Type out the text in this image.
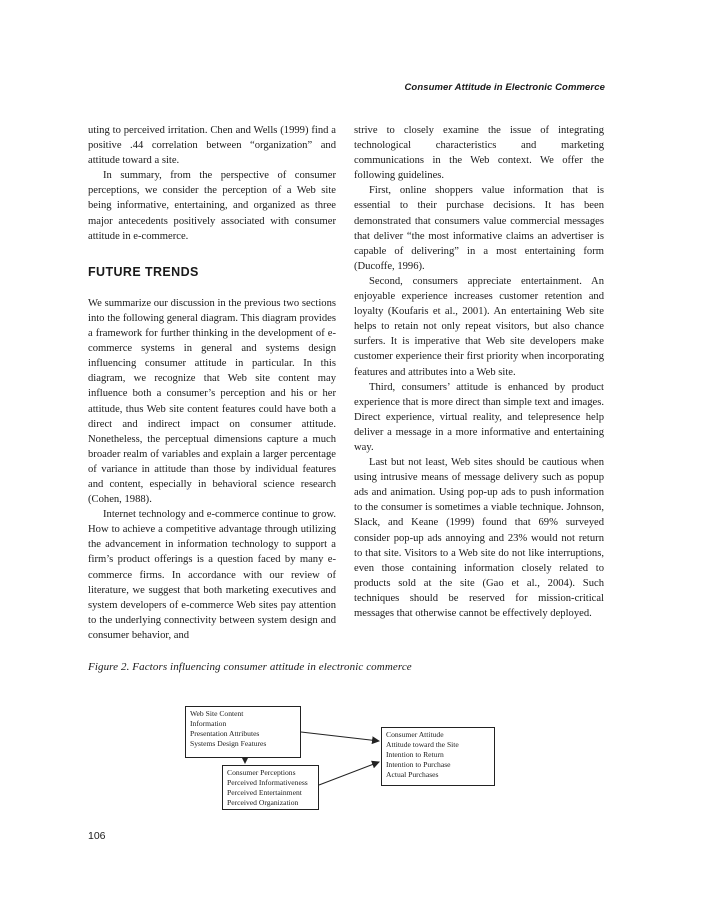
Consumer Attitude in Electronic Commerce

uting to perceived irritation. Chen and Wells (1999) find a positive .44 correlation between “organization” and attitude toward a site.

In summary, from the perspective of consumer perceptions, we consider the perception of a Web site being informative, entertaining, and organized as three major antecedents positively associated with consumer attitude in e-commerce.

FUTURE TRENDS

We summarize our discussion in the previous two sections into the following general diagram. This diagram provides a framework for further thinking in the development of e-commerce systems in general and systems design influencing consumer attitude in particular. In this diagram, we recognize that Web site content may influence both a consumer’s perception and his or her attitude, thus Web site content features could have both a direct and indirect impact on consumer attitude. Nonetheless, the perceptual dimensions capture a much broader realm of variables and explain a larger percentage of variance in attitude than those by individual features and content, especially in behavioral science research (Cohen, 1988).

Internet technology and e-commerce continue to grow. How to achieve a competitive advantage through utilizing the advancement in information technology to support a firm’s product offerings is a question faced by many e-commerce firms. In accordance with our review of literature, we suggest that both marketing executives and system developers of e-commerce Web sites pay attention to the underlying connectivity between system design and consumer behavior, and

strive to closely examine the issue of integrating technological characteristics and marketing communications in the Web context. We offer the following guidelines.

First, online shoppers value information that is essential to their purchase decisions. It has been demonstrated that consumers value commercial messages that deliver “the most informative claims an advertiser is capable of delivering” in a most entertaining form (Ducoffe, 1996).

Second, consumers appreciate entertainment. An enjoyable experience increases customer retention and loyalty (Koufaris et al., 2001). An entertaining Web site helps to retain not only repeat visitors, but also chance surfers. It is imperative that Web site developers make customer experience their first priority when incorporating features and attributes into a Web site.

Third, consumers’ attitude is enhanced by product experience that is more direct than simple text and images. Direct experience, virtual reality, and telepresence help deliver a message in a more informative and entertaining way.

Last but not least, Web sites should be cautious when using intrusive means of message delivery such as popup ads and animation. Using pop-up ads to push information to the consumer is sometimes a viable technique. Johnson, Slack, and Keane (1999) found that 69% surveyed consider pop-up ads annoying and 23% would not return to that site. Visitors to a Web site do not like interruptions, even those containing information closely related to products sold at the site (Gao et al., 2004). Such techniques should be reserved for mission-critical messages that otherwise cannot be effectively deployed.

Figure 2. Factors influencing consumer attitude in electronic commerce
Web Site Content
Information
Presentation Attributes
Systems Design Features
Consumer Attitude
Attitude toward the Site
Intention to Return
Intention to Purchase
Actual Purchases
Consumer Perceptions
Perceived Informativeness
Perceived Entertainment
Perceived Organization
106
